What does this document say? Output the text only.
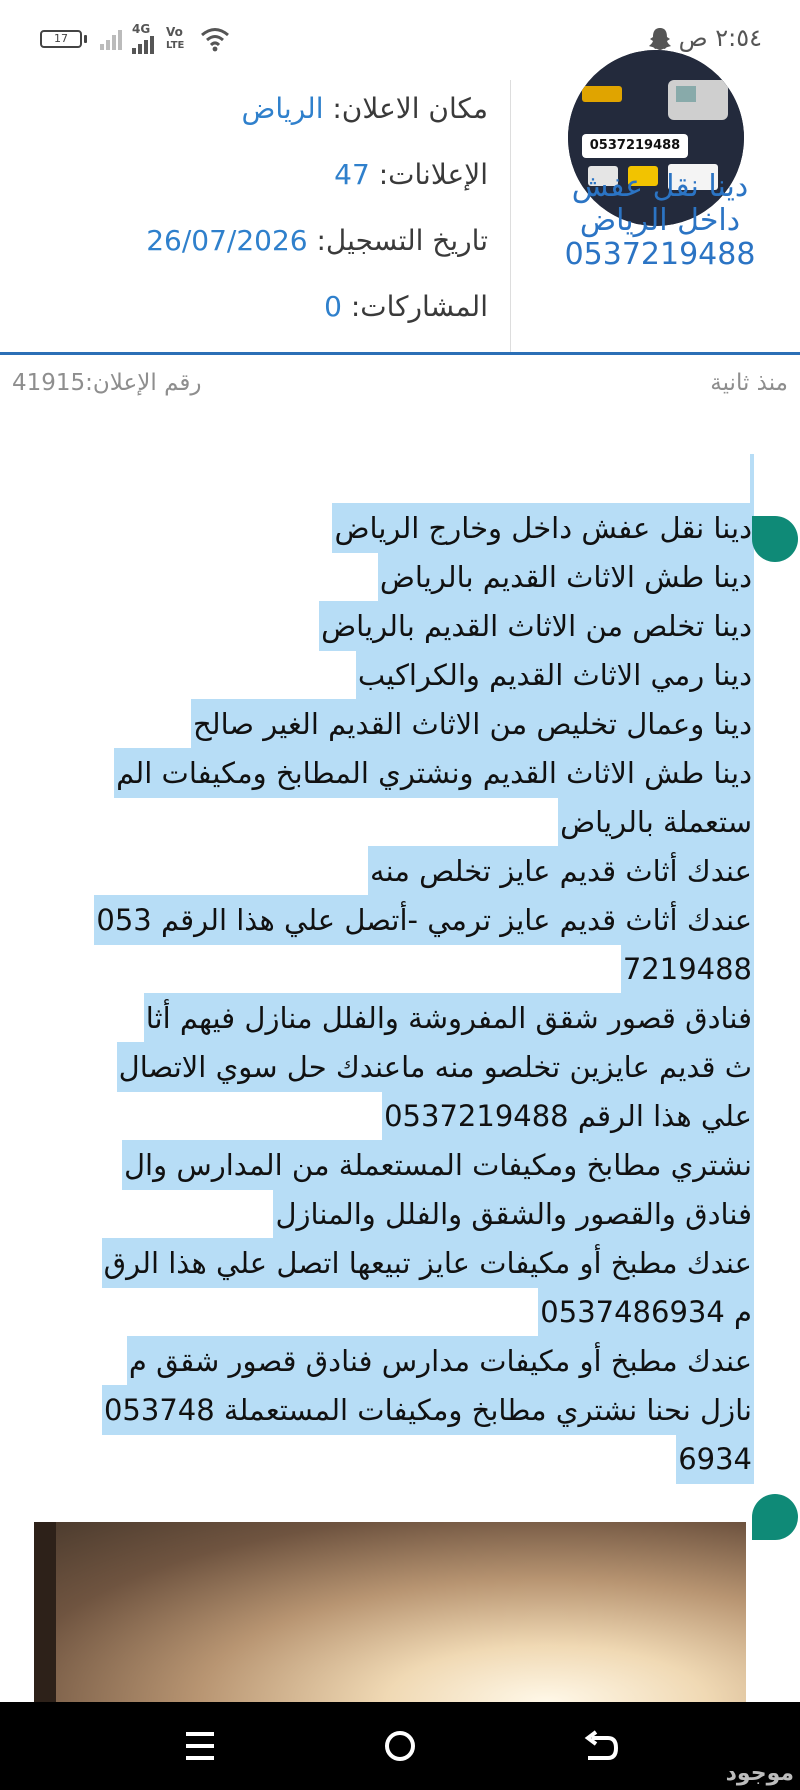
17
4G Vo
LTE	٢:٥٤ ص
0537219488
دينا نقل عفش داخل الرياض 0537219488
مكان الاعلان: الرياض
الإعلانات: 47
تاريخ التسجيل: 26/07/2026
المشاركات: 0
منذ ثانية
رقم الإعلان:41915
دينا نقل عفش داخل وخارج الرياض
دينا طش الاثاث القديم بالرياض
دينا تخلص من الاثاث القديم بالرياض
دينا رمي الاثاث القديم والكراكيب
دينا وعمال تخليص من الاثاث القديم الغير صالح
دينا طش الاثاث القديم ونشتري المطابخ ومكيفات الم
ستعملة بالرياض
عندك أثاث قديم عايز تخلص منه
عندك أثاث قديم عايز ترمي -أتصل علي هذا الرقم 053
7219488
فنادق قصور شقق المفروشة والفلل منازل فيهم أثا
ث قديم عايزين تخلصو منه ماعندك حل سوي الاتصال
علي هذا الرقم 0537219488
نشتري مطابخ ومكيفات المستعملة من المدارس وال
فنادق والقصور والشقق والفلل والمنازل
عندك مطبخ أو مكيفات عايز تبيعها اتصل علي هذا الرق
م 0537486934
عندك مطبخ أو مكيفات مدارس فنادق قصور شقق م
نازل نحنا نشتري مطابخ ومكيفات المستعملة 053748
6934
موجود
